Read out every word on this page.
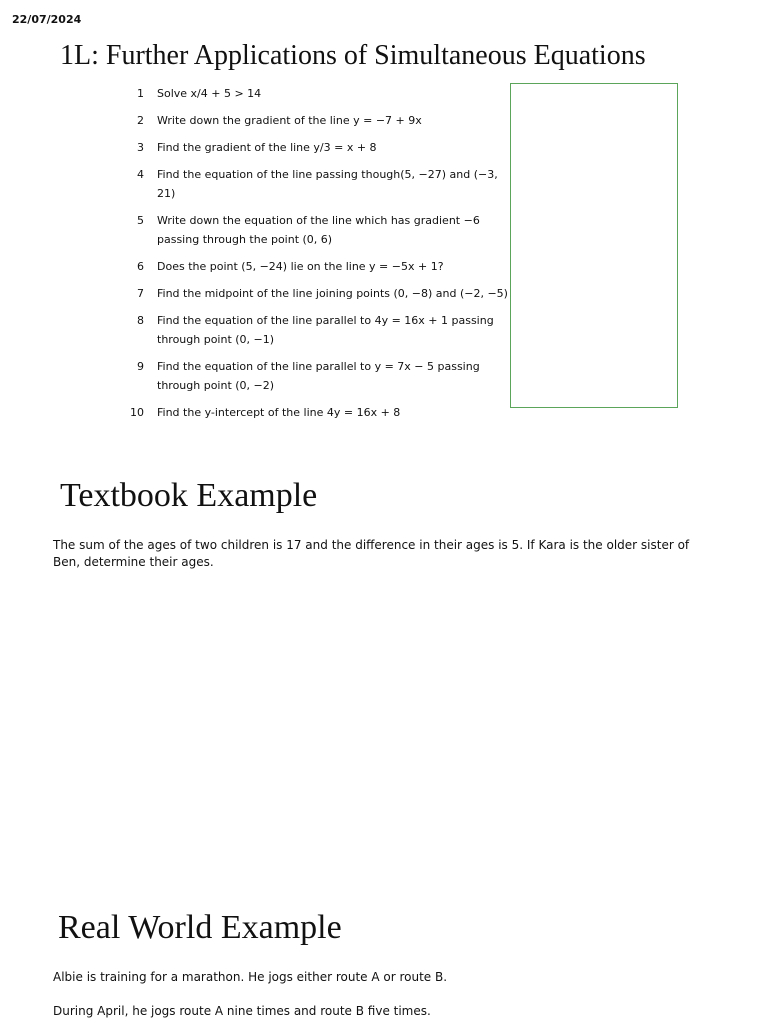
22/07/2024
1L: Further Applications of Simultaneous Equations
1 Solve x/4 + 5 > 14
2 Write down the gradient of the line y = −7 + 9x
3 Find the gradient of the line y/3 = x + 8
4 Find the equation of the line passing though(5, −27) and (−3, 21)
5 Write down the equation of the line which has gradient −6 passing through the point (0, 6)
6 Does the point (5, −24) lie on the line y = −5x + 1?
7 Find the midpoint of the line joining points (0, −8) and (−2, −5)
8 Find the equation of the line parallel to 4y = 16x + 1 passing through point (0, −1)
9 Find the equation of the line parallel to y = 7x − 5 passing through point (0, −2)
10 Find the y-intercept of the line 4y = 16x + 8
Textbook Example

The sum of the ages of two children is 17 and the difference in their ages is 5. If Kara is the older sister of Ben, determine their ages.

Real World Example

Albie is training for a marathon. He jogs either route A or route B.

During April, he jogs route A nine times and route B five times.
